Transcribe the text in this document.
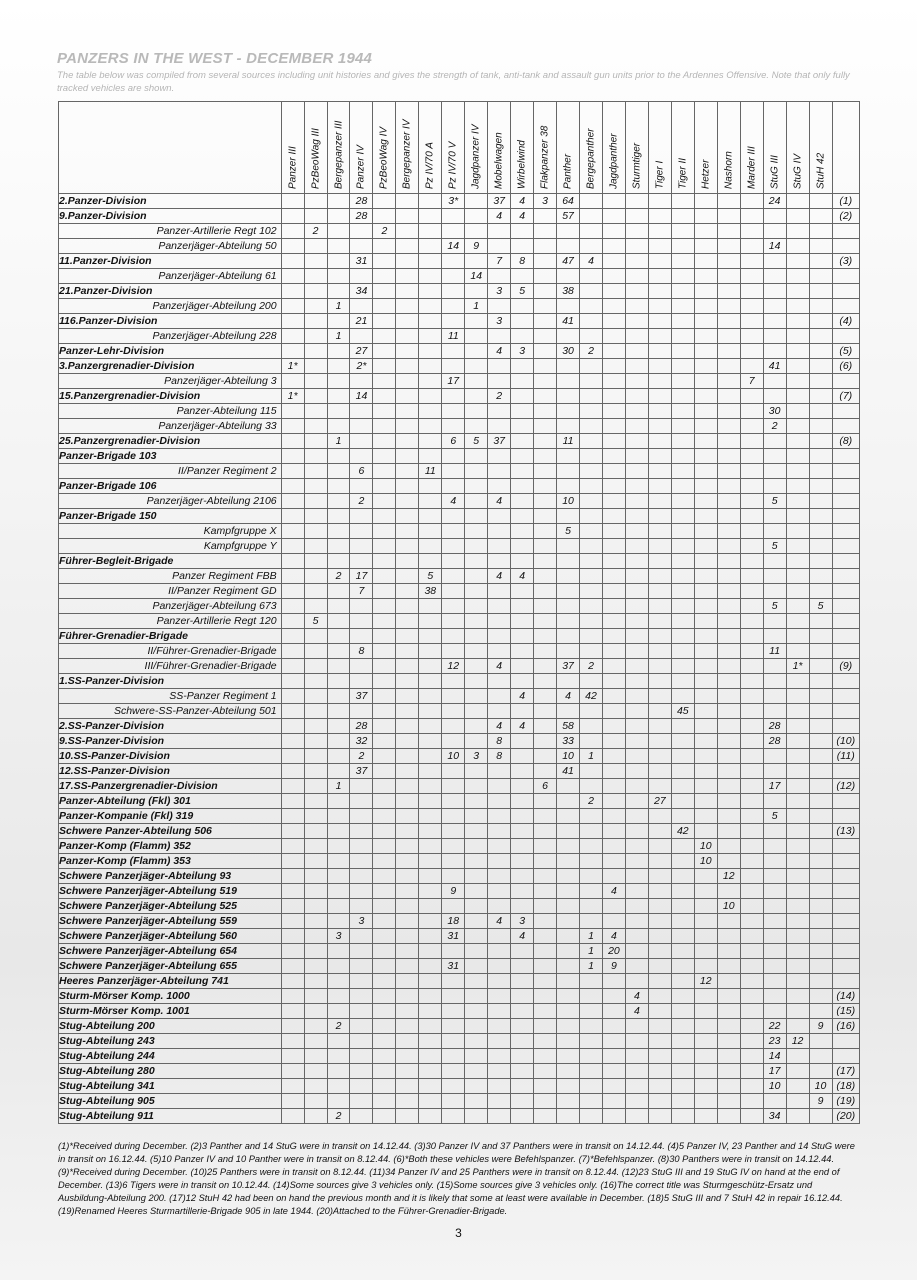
PANZERS IN THE WEST - DECEMBER 1944
The table below was compiled from several sources including unit histories and gives the strength of tank, anti-tank and assault gun units prior to the Ardennes Offensive. Note that only fully tracked vehicles are shown.

	Panzer III	PzBeoWag III	Bergepanzer III	Panzer IV	PzBeoWag IV	Bergepanzer IV	Pz IV/70 A	Pz IV/70 V	Jagdpanzer IV	Mobelwagen	Wirbelwind	Flakpanzer 38	Panther	Bergepanther	Jagdpanther	Sturmtiger	Tiger I	Tiger II	Hetzer	Nashorn	Marder III	StuG III	StuG IV	StuH 42	

2.Panzer-Division				28				3*		37	4	3	64									24			(1)
9.Panzer-Division				28						4	4		57												(2)
Panzer-Artillerie Regt 102		2			2																				
Panzerjäger-Abteilung 50								14	9													14			
11.Panzer-Division				31						7	8		47	4											(3)
Panzerjäger-Abteilung 61									14																
21.Panzer-Division				34						3	5		38												
Panzerjäger-Abteilung 200			1						1																
116.Panzer-Division				21						3			41												(4)
Panzerjäger-Abteilung 228			1					11																	
Panzer-Lehr-Division				27						4	3		30	2											(5)
3.Panzergrenadier-Division	1*			2*																		41			(6)
Panzerjäger-Abteilung 3								17													7				
15.Panzergrenadier-Division	1*			14						2															(7)
Panzer-Abteilung 115																						30			
Panzerjäger-Abteilung 33																						2			
25.Panzergrenadier-Division			1					6	5	37			11												(8)
Panzer-Brigade 103																									
II/Panzer Regiment 2				6			11																		
Panzer-Brigade 106																									
Panzerjäger-Abteilung 2106				2				4		4			10									5			
Panzer-Brigade 150																									
Kampfgruppe X													5												
Kampfgruppe Y																						5			
Führer-Begleit-Brigade																									
Panzer Regiment FBB			2	17			5			4	4														
II/Panzer Regiment GD				7			38																		
Panzerjäger-Abteilung 673																						5		5	
Panzer-Artillerie Regt 120		5																							
Führer-Grenadier-Brigade																									
II/Führer-Grenadier-Brigade				8																		11			
III/Führer-Grenadier-Brigade								12		4			37	2									1*		(9)
1.SS-Panzer-Division																									
SS-Panzer Regiment 1				37							4		4	42											
Schwere-SS-Panzer-Abteilung 501																		45							
2.SS-Panzer-Division				28						4	4		58									28			
9.SS-Panzer-Division				32						8			33									28			(10)
10.SS-Panzer-Division				2				10	3	8			10	1											(11)
12.SS-Panzer-Division				37									41												
17.SS-Panzergrenadier-Division			1									6										17			(12)
Panzer-Abteilung (Fkl) 301														2			27								
Panzer-Kompanie (Fkl) 319																						5			
Schwere Panzer-Abteilung 506																		42							(13)
Panzer-Komp (Flamm) 352																			10						
Panzer-Komp (Flamm) 353																			10						
Schwere Panzerjäger-Abteilung 93																				12					
Schwere Panzerjäger-Abteilung 519								9							4										
Schwere Panzerjäger-Abteilung 525																				10					
Schwere Panzerjäger-Abteilung 559				3				18		4	3														
Schwere Panzerjäger-Abteilung 560			3					31			4			1	4										
Schwere Panzerjäger-Abteilung 654														1	20										
Schwere Panzerjäger-Abteilung 655								31						1	9										
Heeres Panzerjäger-Abteilung 741																			12						
Sturm-Mörser Komp. 1000																4									(14)
Sturm-Mörser Komp. 1001																4									(15)
Stug-Abteilung 200			2																			22		9	(16)
Stug-Abteilung 243																						23	12		
Stug-Abteilung 244																						14			
Stug-Abteilung 280																						17			(17)
Stug-Abteilung 341																						10		10	(18)
Stug-Abteilung 905																								9	(19)
Stug-Abteilung 911			2																			34			(20)
(1)*Received during December. (2)3 Panther and 14 StuG were in transit on 14.12.44. (3)30 Panzer IV and 37 Panthers were in transit on 14.12.44. (4)5 Panzer IV, 23 Panther and 14 StuG were in transit on 16.12.44. (5)10 Panzer IV and 10 Panther were in transit on 8.12.44. (6)*Both these vehicles were Befehlspanzer. (7)*Befehlspanzer. (8)30 Panthers were in transit on 14.12.44. (9)*Received during December. (10)25 Panthers were in transit on 8.12.44. (11)34 Panzer IV and 25 Panthers were in transit on 8.12.44. (12)23 StuG III and 19 StuG IV on hand at the end of December. (13)6 Tigers were in transit on 10.12.44. (14)Some sources give 3 vehicles only. (15)Some sources give 3 vehicles only. (16)The correct title was Sturmgeschütz-Ersatz und Ausbildung-Abteilung 200. (17)12 StuH 42 had been on hand the previous month and it is likely that some at least were available in December. (18)5 StuG III and 7 StuH 42 in repair 16.12.44. (19)Renamed Heeres Sturmartillerie-Brigade 905 in late 1944. (20)Attached to the Führer-Grenadier-Brigade.
3
